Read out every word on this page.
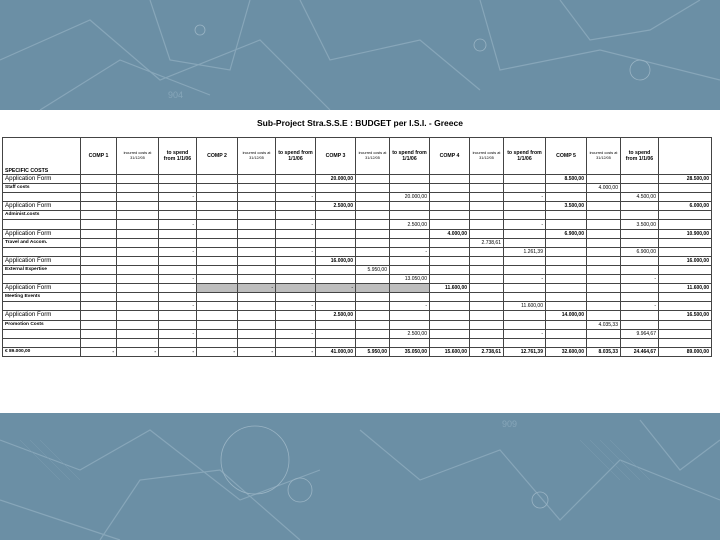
904
909
Sub-Project Stra.S.S.E : BUDGET per I.S.I. - Greece
SPECIFIC COSTS	COMP 1	incurred costs at 31/12/05	to spend from 1/1/06	COMP 2	incurred costs at 31/12/05	to spend from 1/1/06	COMP 3	incurred costs at 31/12/05	to spend from 1/1/06	COMP 4	incurred costs at 31/12/05	to spend from 1/1/06	COMP 5	incurred costs at 31/12/05	to spend from 1/1/06	
Application Form							20.000,00						8.500,00			28.500,00
Staff costs														4.000,00		
			-			-			20.000,00			-			4.500,00	
Application Form							2.500,00						3.500,00			6.000,00
Administ.costs																
			-			-			2.500,00			-			3.500,00	
Application Form										4.000,00			6.900,00			10.900,00
Travel and Accom.											2.738,61					
			-			-			-			1.261,39			6.900,00	
Application Form							16.000,00									16.000,00
External Expertise								5.950,00								
			-			-			13.050,00			-			-	
Application Form					-		-			11.600,00						11.600,00
Meeting Events																
			-			-			-			11.600,00			-	
Application Form							2.500,00						14.000,00			16.500,00
Promotion Costs														4.035,33		
			-			-			2.500,00			-			9.964,67	

€ 89.000,00	-	-	-	-	-	-	41.000,00	5.950,00	35.050,00	15.600,00	2.738,61	12.761,39	32.600,00	8.035,33	24.464,67	89.000,00
